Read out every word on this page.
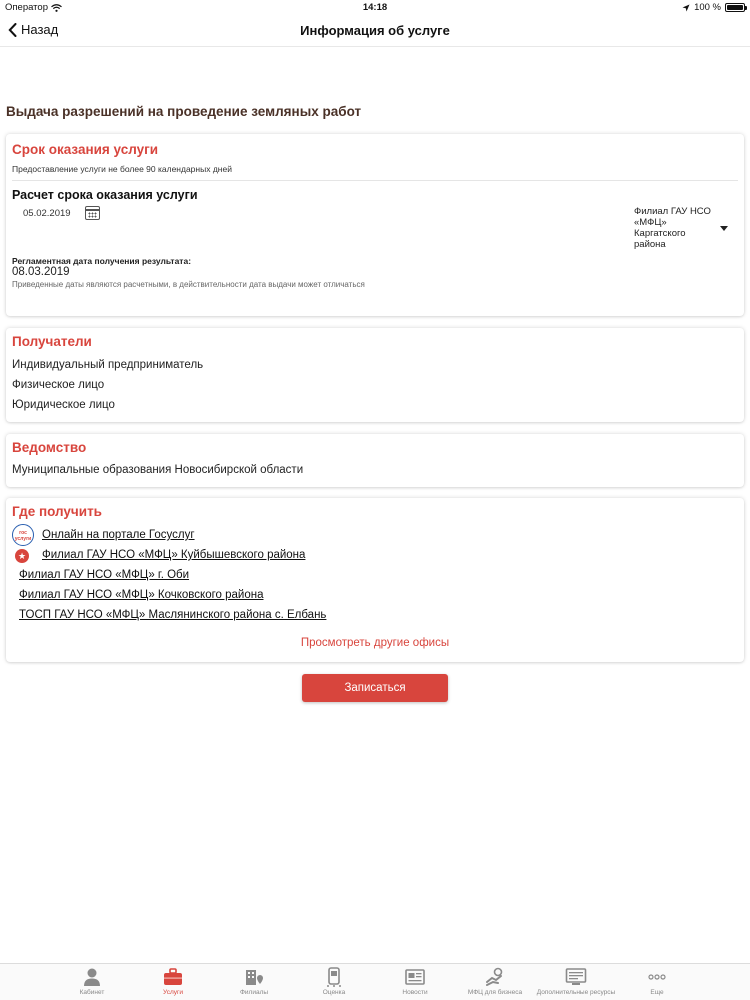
Оператор	14:18	100 %
Назад	Информация об услуге
Выдача разрешений на проведение земляных работ
Срок оказания услуги
Предоставление услуги не более 90 календарных дней
Расчет срока оказания услуги
05.02.2019	Филиал ГАУ НСО
«МФЦ»
Каргатского
района
Регламентная дата получения результата:
08.03.2019
Приведенные даты являются расчетными, в действительности дата выдачи может отличаться
Получатели
Индивидуальный предприниматель
Физическое лицо
Юридическое лицо
Ведомство
Муниципальные образования Новосибирской области
Где получить
гос услуги Онлайн на портале Госуслуг
★ Филиал ГАУ НСО «МФЦ» Куйбышевского района
Филиал ГАУ НСО «МФЦ» г. Оби
Филиал ГАУ НСО «МФЦ» Кочковского района
ТОСП ГАУ НСО «МФЦ» Маслянинского района с. Елбань
Просмотреть другие офисы
Записаться
Кабинет	Услуги	Филиалы	Оценка	Новости	МФЦ для бизнеса	Дополнительные ресурсы	Еще
